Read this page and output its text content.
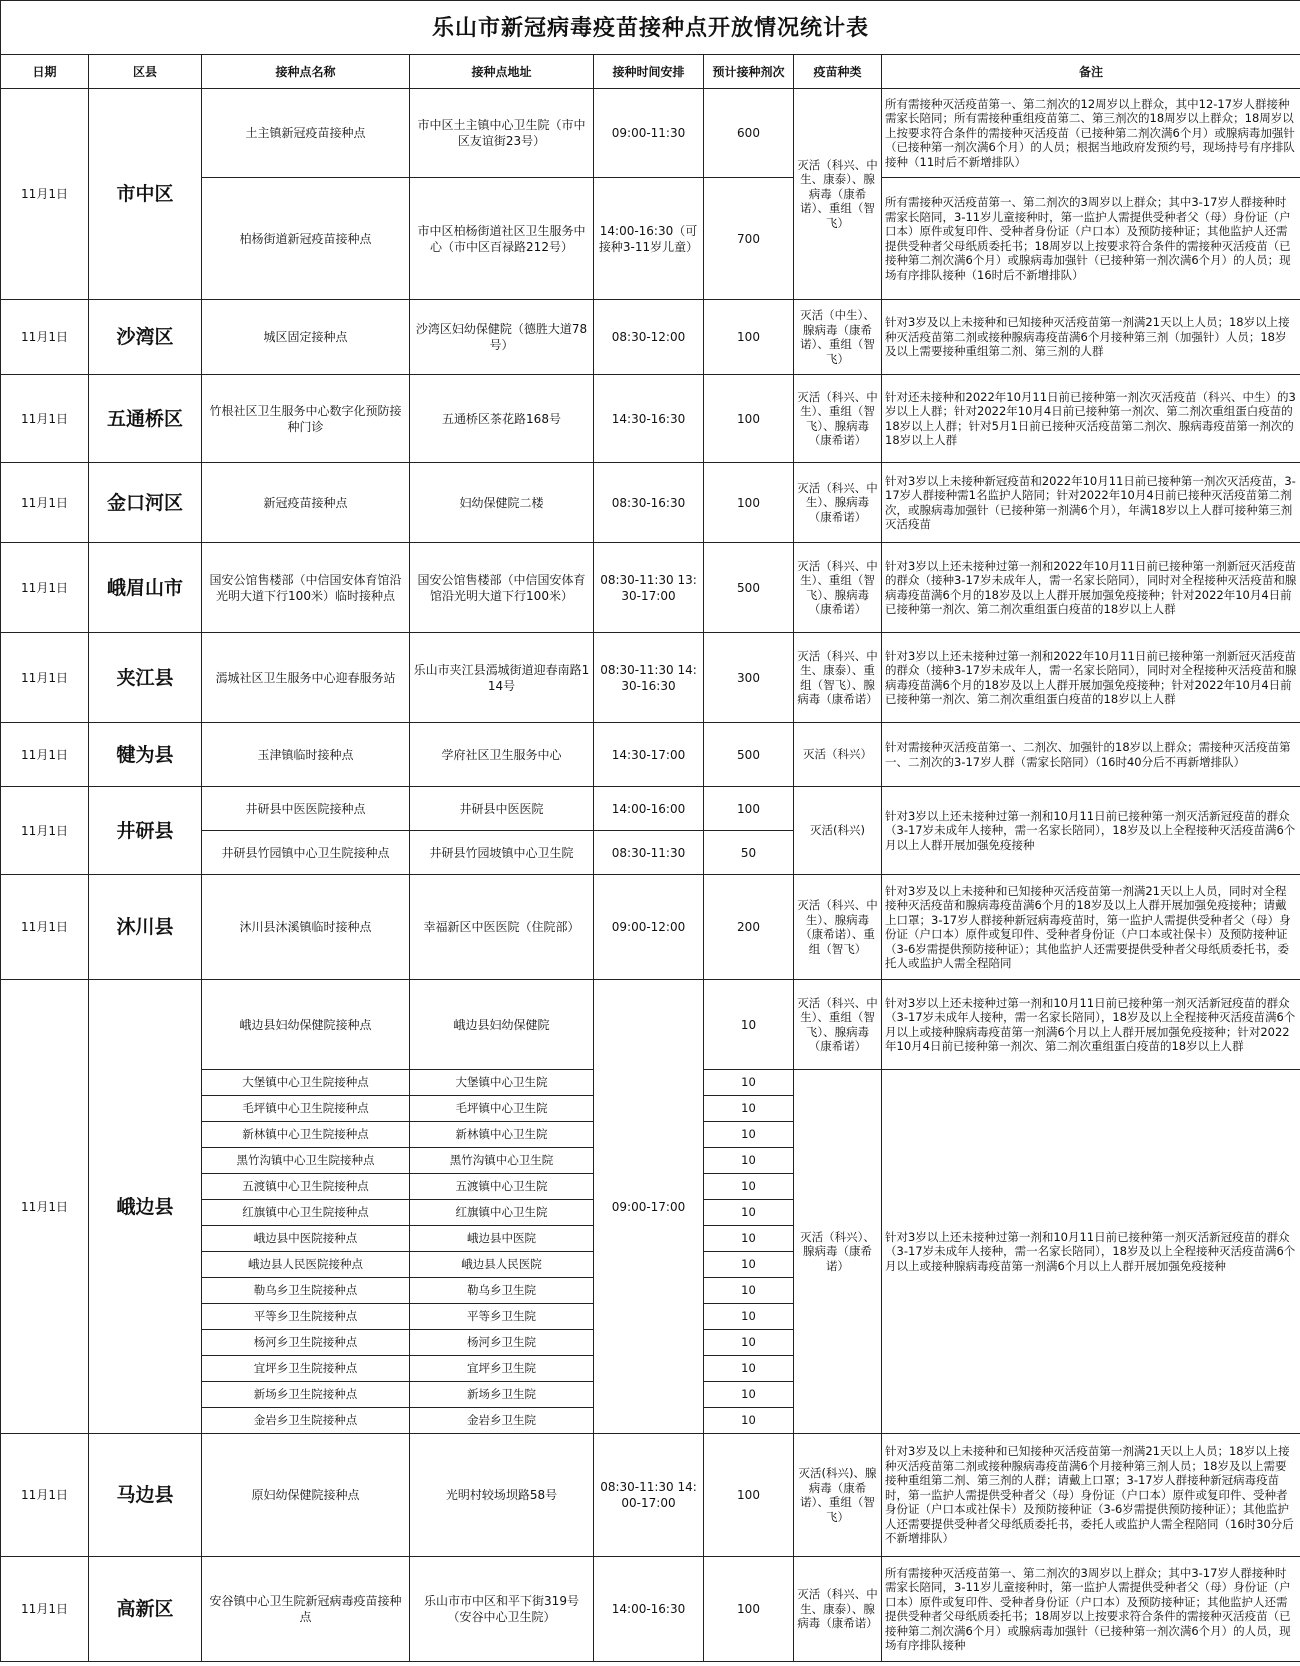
乐山市新冠病毒疫苗接种点开放情况统计表							
日期	区县	接种点名称	接种点地址	接种时间安排	预计接种剂次	疫苗种类	备注
11月1日	市中区	土主镇新冠疫苗接种点	市中区土主镇中心卫生院（市中区友谊街23号）	09:00-11:30	600	灭活（科兴、中生、康泰）、腺病毒（康希诺）、重组（智飞）	所有需接种灭活疫苗第一、第二剂次的12周岁以上群众，其中12-17岁人群接种需家长陪同；所有需接种重组疫苗第二、第三剂次的18周岁以上群众；18周岁以上按要求符合条件的需接种灭活疫苗（已接种第二剂次满6个月）或腺病毒加强针（已接种第一剂次满6个月）的人员；根据当地政府发预约号，现场持号有序排队接种（11时后不新增排队）
		柏杨街道新冠疫苗接种点	市中区柏杨街道社区卫生服务中心（市中区百禄路212号）	14:00-16:30（可接种3-11岁儿童）	700		所有需接种灭活疫苗第一、第二剂次的3周岁以上群众；其中3-17岁人群接种时需家长陪同，3-11岁儿童接种时，第一监护人需提供受种者父（母）身份证（户口本）原件或复印件、受种者身份证（户口本）及预防接种证；其他监护人还需提供受种者父母纸质委托书；18周岁以上按要求符合条件的需接种灭活疫苗（已接种第二剂次满6个月）或腺病毒加强针（已接种第一剂次满6个月）的人员；现场有序排队接种（16时后不新增排队）
11月1日	沙湾区	城区固定接种点	沙湾区妇幼保健院（德胜大道78号）	08:30-12:00	100	灭活（中生）、腺病毒（康希诺）、重组（智飞）	针对3岁及以上未接种和已知接种灭活疫苗第一剂满21天以上人员；18岁以上接种灭活疫苗第二剂或接种腺病毒疫苗满6个月接种第三剂（加强针）人员；18岁及以上需要接种重组第二剂、第三剂的人群
11月1日	五通桥区	竹根社区卫生服务中心数字化预防接种门诊	五通桥区茶花路168号	14:30-16:30	100	灭活（科兴、中生）、重组（智飞）、腺病毒（康希诺）	针对还未接种和2022年10月11日前已接种第一剂次灭活疫苗（科兴、中生）的3岁以上人群；针对2022年10月4日前已接种第一剂次、第二剂次重组蛋白疫苗的18岁以上人群；针对5月1日前已接种灭活疫苗第二剂次、腺病毒疫苗第一剂次的18岁以上人群
11月1日	金口河区	新冠疫苗接种点	妇幼保健院二楼	08:30-16:30	100	灭活（科兴、中生）、腺病毒（康希诺）	针对3岁以上未接种新冠疫苗和2022年10月11日前已接种第一剂次灭活疫苗，3-17岁人群接种需1名监护人陪同；针对2022年10月4日前已接种灭活疫苗第二剂次，或腺病毒加强针（已接种第一剂满6个月），年满18岁以上人群可接种第三剂灭活疫苗
11月1日	峨眉山市	国安公馆售楼部（中信国安体育馆沿光明大道下行100米）临时接种点	国安公馆售楼部（中信国安体育馆沿光明大道下行100米）	08:30-11:30 13:30-17:00	500	灭活（科兴、中生）、重组（智飞）、腺病毒（康希诺）	针对3岁以上还未接种过第一剂和2022年10月11日前已接种第一剂新冠灭活疫苗的群众（接种3-17岁未成年人，需一名家长陪同），同时对全程接种灭活疫苗和腺病毒疫苗满6个月的18岁及以上人群开展加强免疫接种；针对2022年10月4日前已接种第一剂次、第二剂次重组蛋白疫苗的18岁以上人群
11月1日	夹江县	漹城社区卫生服务中心迎春服务站	乐山市夹江县漹城街道迎春南路114号	08:30-11:30 14:30-16:30	300	灭活（科兴、中生、康泰）、重组（智飞）、腺病毒（康希诺）	针对3岁以上还未接种过第一剂和2022年10月11日前已接种第一剂新冠灭活疫苗的群众（接种3-17岁未成年人，需一名家长陪同），同时对全程接种灭活疫苗和腺病毒疫苗满6个月的18岁及以上人群开展加强免疫接种；针对2022年10月4日前已接种第一剂次、第二剂次重组蛋白疫苗的18岁以上人群
11月1日	犍为县	玉津镇临时接种点	学府社区卫生服务中心	14:30-17:00	500	灭活（科兴）	针对需接种灭活疫苗第一、二剂次、加强针的18岁以上群众；需接种灭活疫苗第一、二剂次的3-17岁人群（需家长陪同）（16时40分后不再新增排队）
11月1日	井研县	井研县中医医院接种点	井研县中医医院	14:00-16:00	100	灭活(科兴)	针对3岁以上还未接种过第一剂和10月11日前已接种第一剂灭活新冠疫苗的群众（3-17岁未成年人接种，需一名家长陪同），18岁及以上全程接种灭活疫苗满6个月以上人群开展加强免疫接种
		井研县竹园镇中心卫生院接种点	井研县竹园坡镇中心卫生院	08:30-11:30	50		
11月1日	沐川县	沐川县沐溪镇临时接种点	幸福新区中医医院（住院部）	09:00-12:00	200	灭活（科兴、中生）、腺病毒（康希诺）、重组（智飞）	针对3岁及以上未接种和已知接种灭活疫苗第一剂满21天以上人员，同时对全程接种灭活疫苗和腺病毒疫苗满6个月的18岁及以上人群开展加强免疫接种；请戴上口罩；3-17岁人群接种新冠病毒疫苗时，第一监护人需提供受种者父（母）身份证（户口本）原件或复印件、受种者身份证（户口本或社保卡）及预防接种证（3-6岁需提供预防接种证）；其他监护人还需要提供受种者父母纸质委托书，委托人或监护人需全程陪同
11月1日	峨边县	峨边县妇幼保健院接种点	峨边县妇幼保健院	09:00-17:00	10	灭活（科兴、中生）、重组（智飞）、腺病毒（康希诺）	针对3岁以上还未接种过第一剂和10月11日前已接种第一剂灭活新冠疫苗的群众（3-17岁未成年人接种，需一名家长陪同），18岁及以上全程接种灭活疫苗满6个月以上或接种腺病毒疫苗第一剂满6个月以上人群开展加强免疫接种；针对2022年10月4日前已接种第一剂次、第二剂次重组蛋白疫苗的18岁以上人群
		大堡镇中心卫生院接种点	大堡镇中心卫生院		10	灭活（科兴）、腺病毒（康希诺）	针对3岁以上还未接种过第一剂和10月11日前已接种第一剂灭活新冠疫苗的群众（3-17岁未成年人接种，需一名家长陪同），18岁及以上全程接种灭活疫苗满6个月以上或接种腺病毒疫苗第一剂满6个月以上人群开展加强免疫接种
		毛坪镇中心卫生院接种点	毛坪镇中心卫生院		10		
		新林镇中心卫生院接种点	新林镇中心卫生院		10		
		黑竹沟镇中心卫生院接种点	黑竹沟镇中心卫生院		10		
		五渡镇中心卫生院接种点	五渡镇中心卫生院		10		
		红旗镇中心卫生院接种点	红旗镇中心卫生院		10		
		峨边县中医院接种点	峨边县中医院		10		
		峨边县人民医院接种点	峨边县人民医院		10		
		勒乌乡卫生院接种点	勒乌乡卫生院		10		
		平等乡卫生院接种点	平等乡卫生院		10		
		杨河乡卫生院接种点	杨河乡卫生院		10		
		宜坪乡卫生院接种点	宜坪乡卫生院		10		
		新场乡卫生院接种点	新场乡卫生院		10		
		金岩乡卫生院接种点	金岩乡卫生院		10		
11月1日	马边县	原妇幼保健院接种点	光明村较场坝路58号	08:30-11:30 14:00-17:00	100	灭活(科兴)、腺病毒（康希诺）、重组（智飞）	针对3岁及以上未接种和已知接种灭活疫苗第一剂满21天以上人员；18岁以上接种灭活疫苗第二剂或接种腺病毒疫苗满6个月接种第三剂人员；18岁及以上需要接种重组第二剂、第三剂的人群；请戴上口罩；3-17岁人群接种新冠病毒疫苗时，第一监护人需提供受种者父（母）身份证（户口本）原件或复印件、受种者身份证（户口本或社保卡）及预防接种证（3-6岁需提供预防接种证）；其他监护人还需要提供受种者父母纸质委托书，委托人或监护人需全程陪同（16时30分后不新增排队）
11月1日	高新区	安谷镇中心卫生院新冠病毒疫苗接种点	乐山市市中区和平下街319号（安谷中心卫生院）	14:00-16:30	100	灭活（科兴、中生、康泰）、腺病毒（康希诺）	所有需接种灭活疫苗第一、第二剂次的3周岁以上群众；其中3-17岁人群接种时需家长陪同，3-11岁儿童接种时，第一监护人需提供受种者父（母）身份证（户口本）原件或复印件、受种者身份证（户口本）及预防接种证；其他监护人还需提供受种者父母纸质委托书；18周岁以上按要求符合条件的需接种灭活疫苗（已接种第二剂次满6个月）或腺病毒加强针（已接种第一剂次满6个月）的人员，现场有序排队接种
